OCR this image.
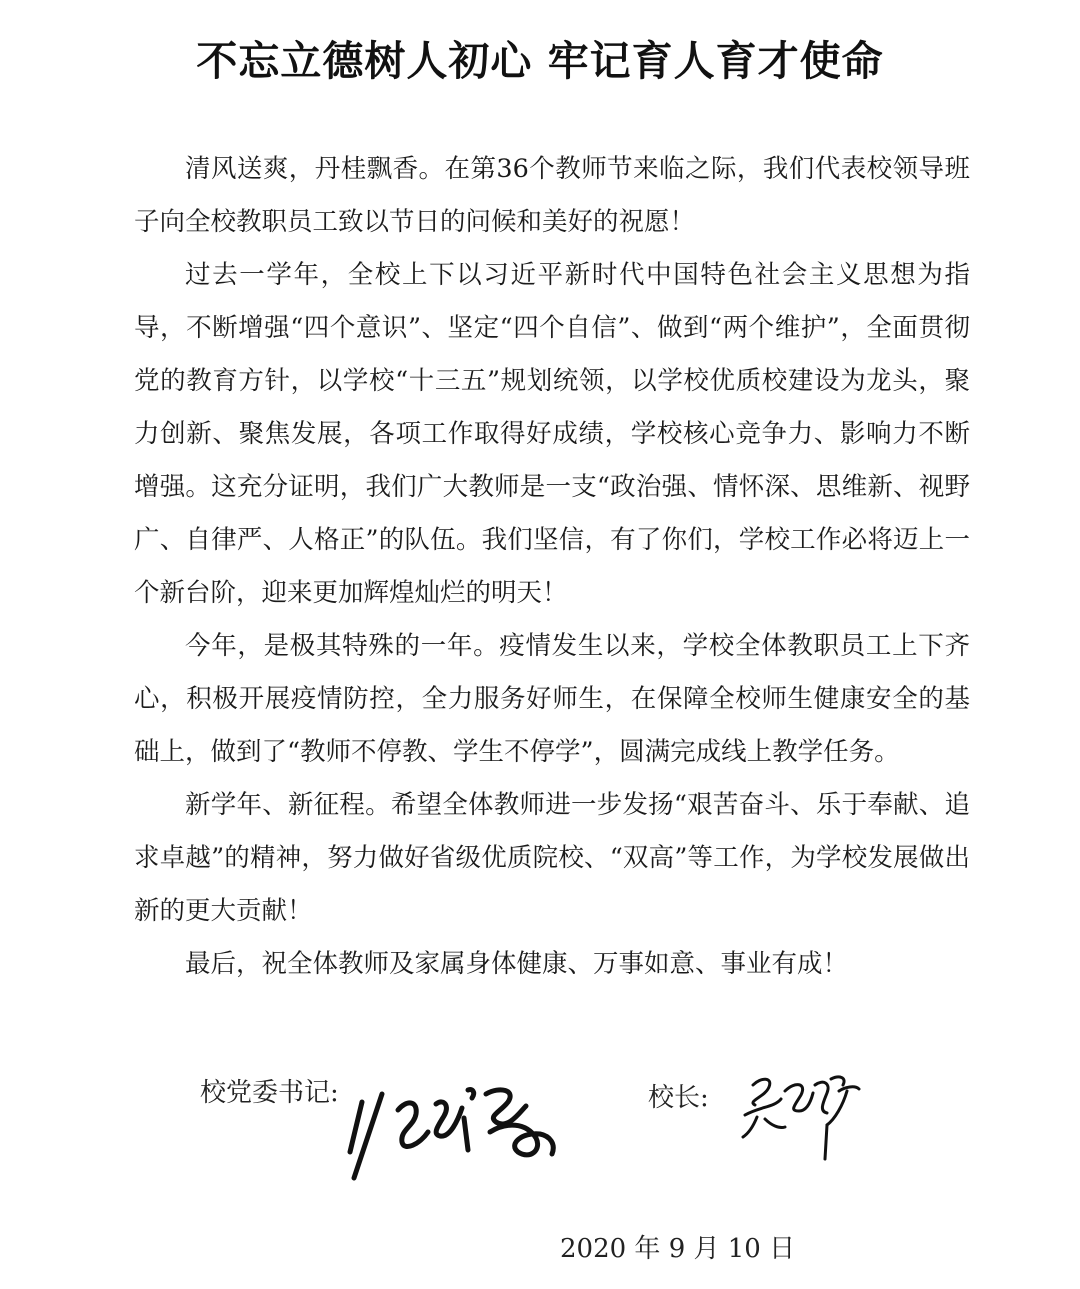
不忘立德树人初心 牢记育人育才使命

清风送爽，丹桂飘香。在第36个教师节来临之际，我们代表校领导班子向全校教职员工致以节日的问候和美好的祝愿！

过去一学年，全校上下以习近平新时代中国特色社会主义思想为指导，不断增强“四个意识”、坚定“四个自信”、做到“两个维护”，全面贯彻党的教育方针，以学校“十三五”规划统领，以学校优质校建设为龙头，聚力创新、聚焦发展，各项工作取得好成绩，学校核心竞争力、影响力不断增强。这充分证明，我们广大教师是一支“政治强、情怀深、思维新、视野广、自律严、人格正”的队伍。我们坚信，有了你们，学校工作必将迈上一个新台阶，迎来更加辉煌灿烂的明天！

今年，是极其特殊的一年。疫情发生以来，学校全体教职员工上下齐心，积极开展疫情防控，全力服务好师生，在保障全校师生健康安全的基础上，做到了“教师不停教、学生不停学”，圆满完成线上教学任务。

新学年、新征程。希望全体教师进一步发扬“艰苦奋斗、乐于奉献、追求卓越”的精神，努力做好省级优质院校、“双高”等工作，为学校发展做出新的更大贡献！

最后，祝全体教师及家属身体健康、万事如意、事业有成！

校党委书记:	校长:
2020 年 9 月 10 日
